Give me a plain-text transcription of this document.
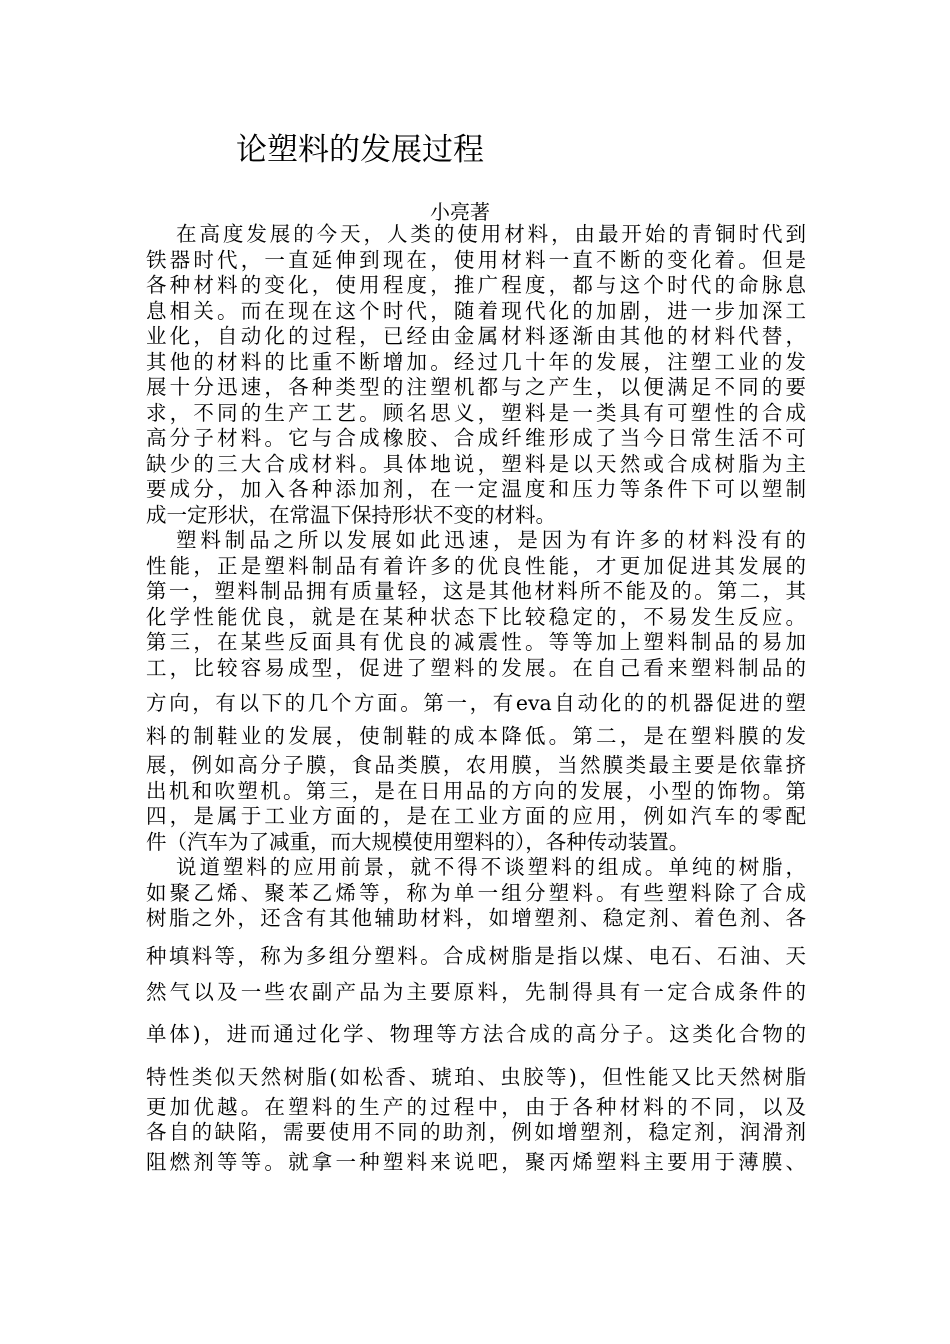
论塑料的发展过程
小亮著
在高度发展的今天，人类的使用材料，由最开始的青铜时代到
铁器时代，一直延伸到现在，使用材料一直不断的变化着。但是
各种材料的变化，使用程度，推广程度，都与这个时代的命脉息
息相关。而在现在这个时代，随着现代化的加剧，进一步加深工
业化，自动化的过程，已经由金属材料逐渐由其他的材料代替，
其他的材料的比重不断增加。经过几十年的发展，注塑工业的发
展十分迅速，各种类型的注塑机都与之产生，以便满足不同的要
求，不同的生产工艺。顾名思义，塑料是一类具有可塑性的合成
高分子材料。它与合成橡胶、合成纤维形成了当今日常生活不可
缺少的三大合成材料。具体地说，塑料是以天然或合成树脂为主
要成分，加入各种添加剂，在一定温度和压力等条件下可以塑制
成一定形状，在常温下保持形状不变的材料。
塑料制品之所以发展如此迅速，是因为有许多的材料没有的
性能，正是塑料制品有着许多的优良性能，才更加促进其发展的
第一，塑料制品拥有质量轻，这是其他材料所不能及的。第二，其
化学性能优良，就是在某种状态下比较稳定的，不易发生反应。
第三，在某些反面具有优良的减震性。等等加上塑料制品的易加
工，比较容易成型，促进了塑料的发展。在自己看来塑料制品的
方向，有以下的几个方面。第一，有eva自动化的的机器促进的塑
料的制鞋业的发展，使制鞋的成本降低。第二，是在塑料膜的发
展，例如高分子膜，食品类膜，农用膜，当然膜类最主要是依靠挤
出机和吹塑机。第三，是在日用品的方向的发展，小型的饰物。第
四，是属于工业方面的，是在工业方面的应用，例如汽车的零配
件（汽车为了减重，而大规模使用塑料的），各种传动装置。
说道塑料的应用前景，就不得不谈塑料的组成。单纯的树脂，
如聚乙烯、聚苯乙烯等，称为单一组分塑料。有些塑料除了合成
树脂之外，还含有其他辅助材料，如增塑剂、稳定剂、着色剂、各
种填料等，称为多组分塑料。合成树脂是指以煤、电石、石油、天
然气以及一些农副产品为主要原料，先制得具有一定合成条件的
单体)，进而通过化学、物理等方法合成的高分子。这类化合物的
特性类似天然树脂(如松香、琥珀、虫胶等)，但性能又比天然树脂
更加优越。在塑料的生产的过程中，由于各种材料的不同，以及
各自的缺陷，需要使用不同的助剂，例如增塑剂，稳定剂，润滑剂
阻燃剂等等。就拿一种塑料来说吧，聚丙烯塑料主要用于薄膜、
